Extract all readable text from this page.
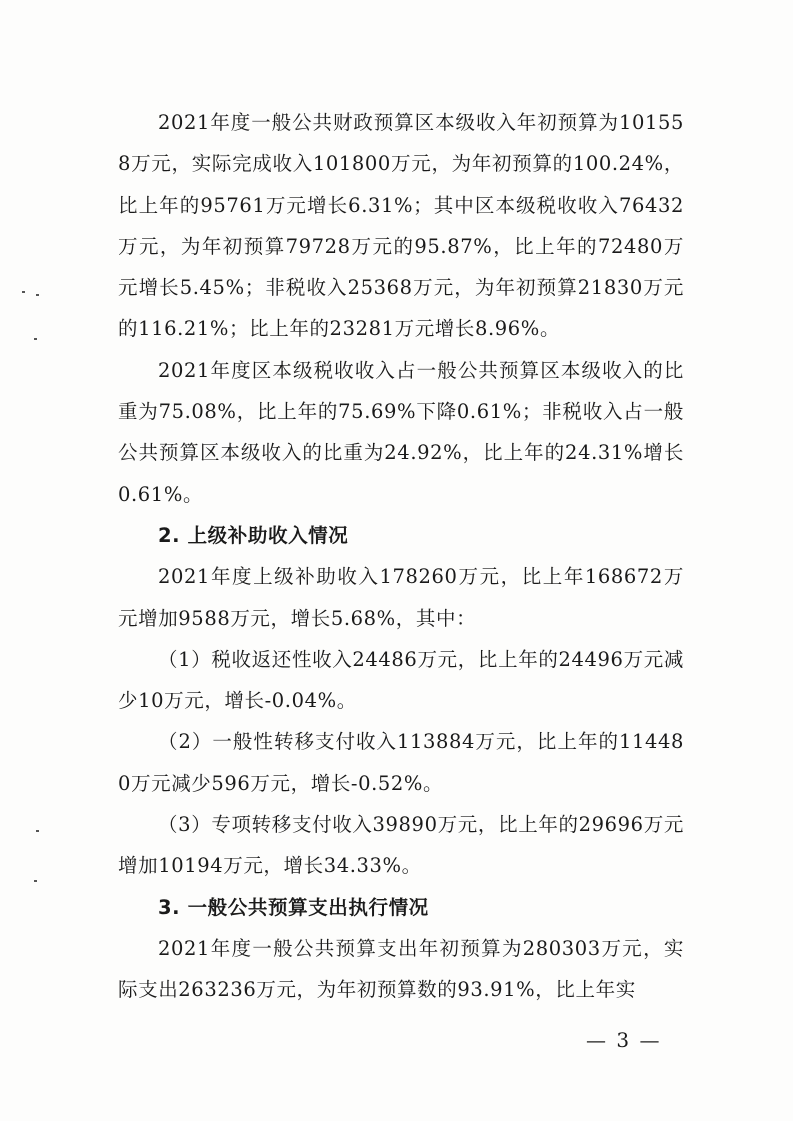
2021年度一般公共财政预算区本级收入年初预算为101558万元，实际完成收入101800万元，为年初预算的100.24%，比上年的95761万元增长6.31%；其中区本级税收收入76432万元，为年初预算79728万元的95.87%，比上年的72480万元增长5.45%；非税收入25368万元，为年初预算21830万元的116.21%；比上年的23281万元增长8.96%。

2021年度区本级税收收入占一般公共预算区本级收入的比重为75.08%，比上年的75.69%下降0.61%；非税收入占一般公共预算区本级收入的比重为24.92%，比上年的24.31%增长0.61%。

2. 上级补助收入情况

2021年度上级补助收入178260万元，比上年168672万元增加9588万元，增长5.68%，其中：

（1）税收返还性收入24486万元，比上年的24496万元减少10万元，增长-0.04%。

（2）一般性转移支付收入113884万元，比上年的114480万元减少596万元，增长-0.52%。

（3）专项转移支付收入39890万元，比上年的29696万元增加10194万元，增长34.33%。

3. 一般公共预算支出执行情况

2021年度一般公共预算支出年初预算为280303万元，实际支出263236万元，为年初预算数的93.91%，比上年实

— 3 —
